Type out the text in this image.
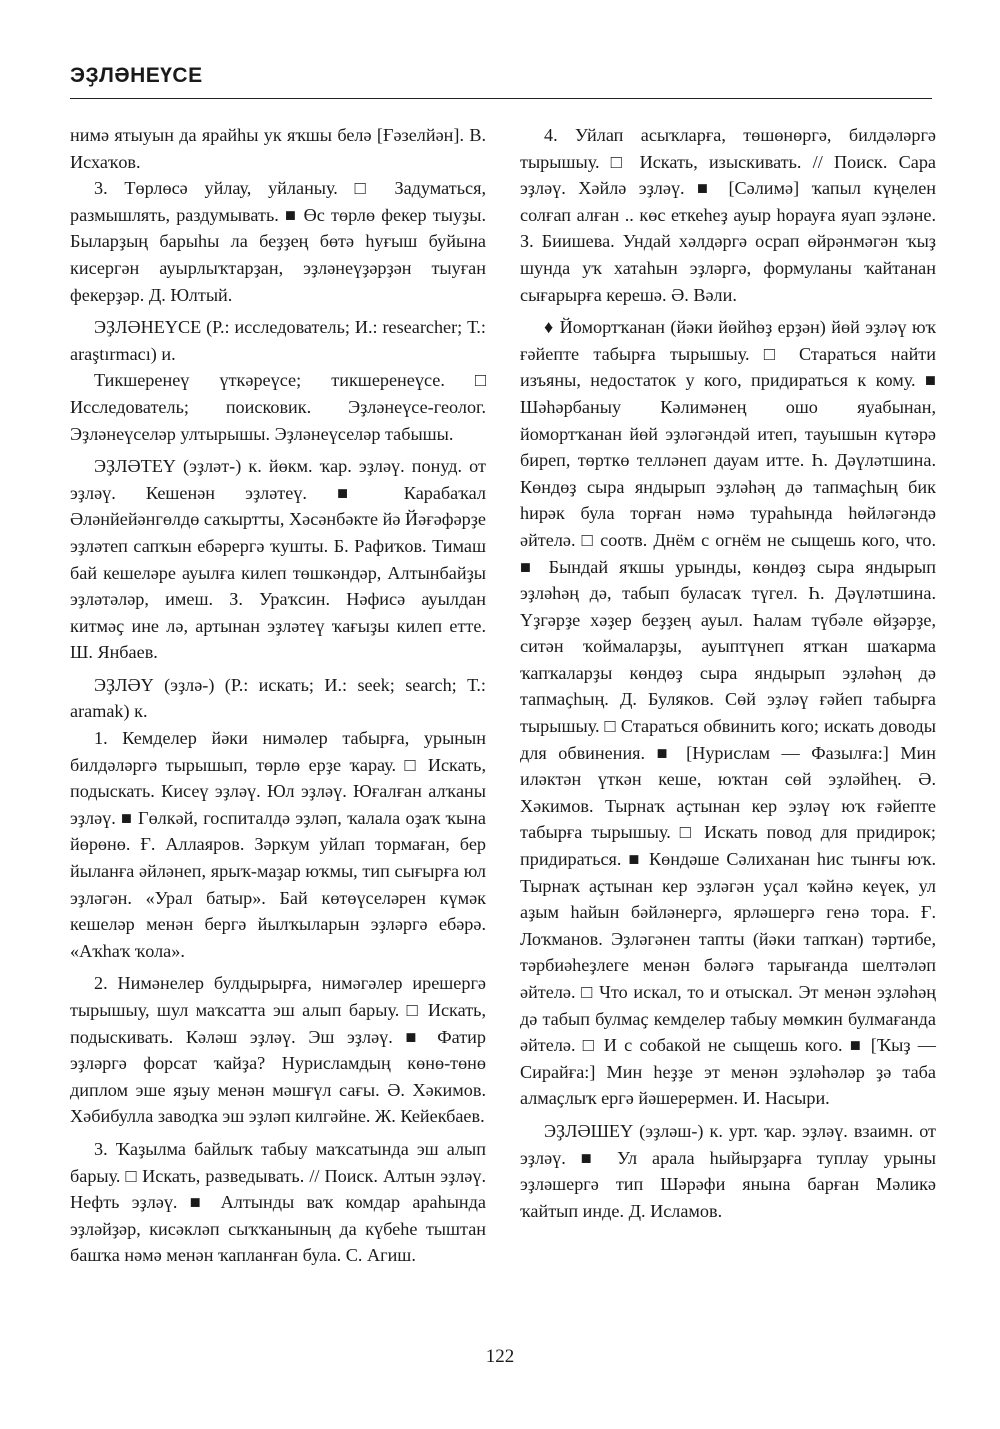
ЭҘЛӘНЕҮСЕ

нимә ятыуын да ярайһы ук яҡшы белә [Ғәзелйән]. В. Исхаҡов.

3. Төрлөсә уйлау, уйланыу. □ Задуматься, размышлять, раздумывать. ■ Өс төрлө фекер тыуҙы. Быларҙың барыһы ла беҙҙең бөтә һуғыш буйына кисергән ауырлыҡтарҙан, эҙләнеүҙәрҙән тыуған фекерҙәр. Д. Юлтый.

ЭҘЛӘНЕҮСЕ (Р.: исследователь; И.: researcher; Т.: araştırmacı) и.

Тикшеренеү үткәреүсе; тикшеренеүсе. □ Исследователь; поисковик. Эҙләнеүсе-геолог. Эҙләнеүселәр ултырышы. Эҙләнеүселәр табышы.

ЭҘЛӘТЕҮ (эҙләт-) к. йөкм. ҡар. эҙләү. понуд. от эҙләү. Кешенән эҙләтеү. ■ Карабаҡал Әләнйейәнгөлдө саҡыртты, Хәсәнбәкте йә Йәғәфәрҙе эҙләтеп сапҡын ебәрергә ҡушты. Б. Рафиҡов. Тимаш бай кешеләре ауылға килеп төшкәндәр, Алтынбайҙы эҙләтәләр, имеш. З. Ураҡсин. Нәфисә ауылдан китмәҫ ине лә, артынан эҙләтеү ҡағыҙы килеп етте. Ш. Янбаев.

ЭҘЛӘҮ (эҙлә-) (Р.: искать; И.: seek; search; Т.: aramak) к.

1. Кемделер йәки нимәлер табырға, урынын билдәләргә тырышып, төрлө ерҙе ҡарау. □ Искать, подыскать. Кисеү эҙләү. Юл эҙләү. Юғалған алҡаны эҙләү. ■ Гөлкәй, госпиталдә эҙләп, ҡалала оҙаҡ ҡына йөрөнө. Ғ. Аллаяров. Зәркум уйлап тормаған, бер йыланға әйләнеп, ярыҡ-маҙар юҡмы, тип сығырға юл эҙләгән. «Урал батыр». Бай көтөүселәрен күмәк кешеләр менән бергә йылҡыларын эҙләргә ебәрә. «Аҡһаҡ ҡола».

2. Нимәнелер булдырырға, нимәгәлер ирешергә тырышыу, шул маҡсатта эш алып барыу. □ Искать, подыскивать. Кәләш эҙләү. Эш эҙләү. ■ Фатир эҙләргә форсат ҡайҙа? Нурисламдың көнө-төнө диплом эше яҙыу менән мәшғүл сағы. Ә. Хәкимов. Хәбибулла заводҡа эш эҙләп килгәйне. Ж. Кейекбаев.

3. Ҡаҙылма байлыҡ табыу маҡсатында эш алып барыу. □ Искать, разведывать. // Поиск. Алтын эҙләү. Нефть эҙләү. ■ Алтынды ваҡ комдар араһында эҙләйҙәр, кисәкләп сыҡҡанының да күбеһе тыштан башҡа нәмә менән ҡапланған була. С. Агиш.

4. Уйлап асыҡларға, төшөнөргә, билдәләргә тырышыу. □ Искать, изыскивать. // Поиск. Сара эҙләү. Хәйлә эҙләү. ■ [Сәлимә] ҡапыл күңелен солғап алған .. көс еткеһеҙ ауыр һорауға яуап эҙләне. З. Биишева. Ундай хәлдәргә осрап өйрәнмәгән ҡыҙ шунда уҡ хатаһын эҙләргә, формуланы ҡайтанан сығарырға керешә. Ә. Вәли.

♦ Йомортҡанан (йәки йөйһөҙ ерҙән) йөй эҙләү юҡ ғәйепте табырға тырышыу. □ Стараться найти изъяны, недостаток у кого, придираться к кому. ■ Шәһәрбаныу Кәлимәнең ошо яуабынан, йомортҡанан йөй эҙләгәндәй итеп, тауышын күтәрә биреп, төрткө телләнеп дауам итте. Һ. Дәүләтшина. Көндөҙ сыра яндырып эҙләһәң дә тапмаҫһың бик һирәк була торған нәмә тураһында һөйләгәндә әйтелә. □ соотв. Днём с огнём не сыщешь кого, что. ■ Бындай яҡшы урынды, көндөҙ сыра яндырып эҙләһәң дә, табып буласаҡ түгел. Һ. Дәүләтшина. Үҙгәрҙе хәҙер беҙҙең ауыл. Һалам түбәле өйҙәрҙе, ситән ҡоймаларҙы, ауыптүнеп ятҡан шаҡарма ҡапҡаларҙы көндөҙ сыра яндырып эҙләһәң дә тапмаҫһың. Д. Буляков. Сөй эҙләү ғәйеп табырға тырышыу. □ Стараться обвинить кого; искать доводы для обвинения. ■ [Нурислам — Фазылға:] Мин иләктән үткән кеше, юҡтан сөй эҙләйһең. Ә. Хәкимов. Тырнаҡ аҫтынан кер эҙләү юҡ ғәйепте табырға тырышыу. □ Искать повод для придирок; придираться. ■ Көндәше Сәлиханан һис тынғы юҡ. Тырнаҡ аҫтынан кер эҙләгән уҫал ҡәйнә кеүек, ул аҙым һайын бәйләнергә, ярләшергә генә тора. Ғ. Лоҡманов. Эҙләгәнен тапты (йәки тапҡан) тәртибе, тәрбиәһеҙлеге менән бәләгә тарығанда шелтәләп әйтелә. □ Что искал, то и отыскал. Эт менән эҙләһәң дә табып булмаҫ кемделер табыу мөмкин булмағанда әйтелә. □ И с собакой не сыщешь кого. ■ [Ҡыҙ — Сирайға:] Мин һеҙҙе эт менән эҙләһәләр ҙә таба алмаҫлыҡ ергә йәшерермен. И. Насыри.

ЭҘЛӘШЕҮ (эҙләш-) к. урт. ҡар. эҙләү. взаимн. от эҙләү. ■ Ул арала һыйырҙарға туплау урыны эҙләшергә тип Шәрәфи янына барған Мәликә ҡайтып инде. Д. Исламов.

122
